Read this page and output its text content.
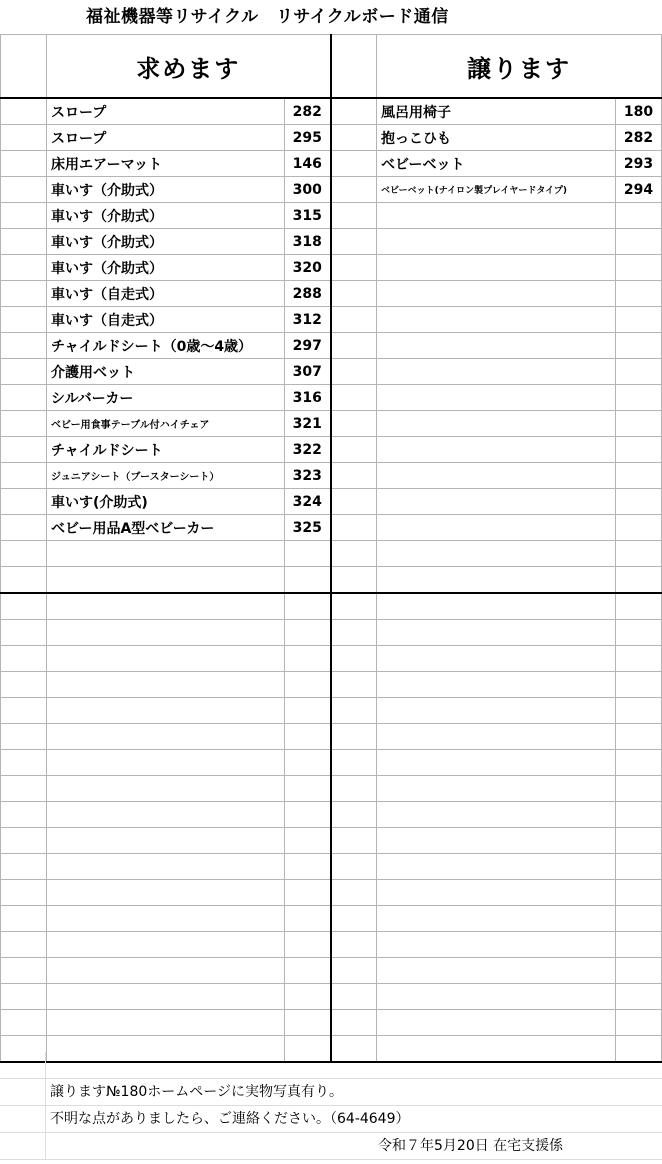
福祉機器等リサイクル　リサイクルボード通信
	求めます			譲ります	
	スロープ	282		風呂用椅子	180
	スロープ	295		抱っこひも	282
	床用エアーマット	146		ベビーベット	293
	車いす（介助式）	300		ベビーベット(ナイロン製プレイヤードタイプ)	294
	車いす（介助式）	315			
	車いす（介助式）	318			
	車いす（介助式）	320			
	車いす（自走式）	288			
	車いす（自走式）	312			
	チャイルドシート（0歳～4歳）	297			
	介護用ベット	307			
	シルバーカー	316			
	ベビー用食事テーブル付ハイチェア	321			
	チャイルドシート	322			
	ジュニアシート（ブースターシート）	323			
	車いす(介助式)	324			
	ベビー用品A型ベビーカー	325			

譲ります№180ホームページに実物写真有り。
不明な点がありましたら、ご連絡ください。（64-4649）
令和７年5月20日 在宅支援係
